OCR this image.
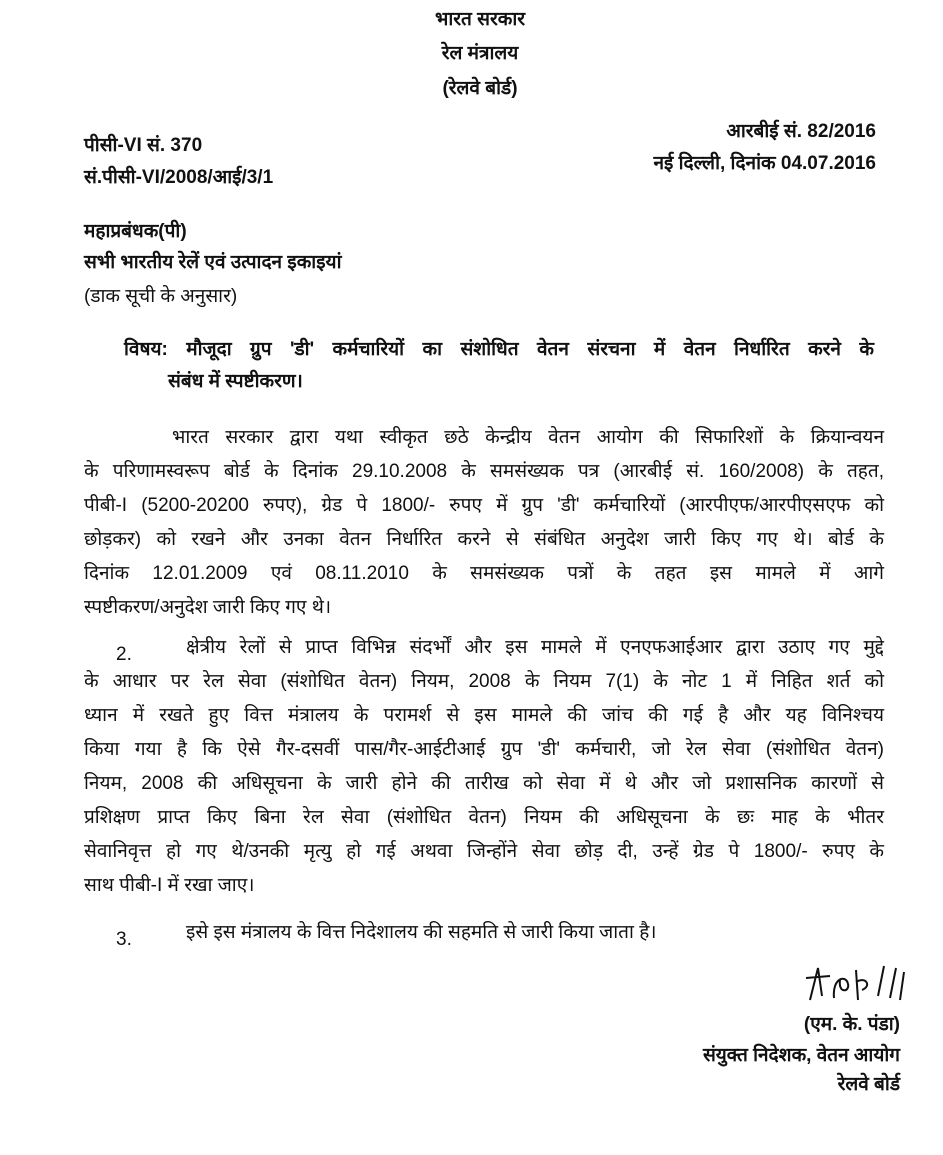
भारत सरकार
रेल मंत्रालय
(रेलवे बोर्ड)
पीसी-VI सं. 370
सं.पीसी-VI/2008/आई/3/1
आरबीई सं. 82/2016
नई दिल्ली, दिनांक 04.07.2016
महाप्रबंधक(पी)
सभी भारतीय रेलें एवं उत्पादन इकाइयां
(डाक सूची के अनुसार)
विषय: मौजूदा ग्रुप 'डी' कर्मचारियों का संशोधित वेतन संरचना में वेतन निर्धारित करने के
संबंध में स्पष्टीकरण।
भारत सरकार द्वारा यथा स्वीकृत छठे केन्द्रीय वेतन आयोग की सिफारिशों के क्रियान्वयन
के परिणामस्वरूप बोर्ड के दिनांक 29.10.2008 के समसंख्यक पत्र (आरबीई सं. 160/2008) के तहत,
पीबी-I (5200-20200 रुपए), ग्रेड पे 1800/- रुपए में ग्रुप 'डी' कर्मचारियों (आरपीएफ/आरपीएसएफ को
छोड़कर) को रखने और उनका वेतन निर्धारित करने से संबंधित अनुदेश जारी किए गए थे। बोर्ड के
दिनांक 12.01.2009 एवं 08.11.2010 के समसंख्यक पत्रों के तहत इस मामले में आगे
स्पष्टीकरण/अनुदेश जारी किए गए थे।
2.	क्षेत्रीय रेलों से प्राप्त विभिन्न संदर्भों और इस मामले में एनएफआईआर द्वारा उठाए गए मुद्दे
के आधार पर रेल सेवा (संशोधित वेतन) नियम, 2008 के नियम 7(1) के नोट 1 में निहित शर्त को
ध्यान में रखते हुए वित्त मंत्रालय के परामर्श से इस मामले की जांच की गई है और यह विनिश्चय
किया गया है कि ऐसे गैर-दसवीं पास/गैर-आईटीआई ग्रुप 'डी' कर्मचारी, जो रेल सेवा (संशोधित वेतन)
नियम, 2008 की अधिसूचना के जारी होने की तारीख को सेवा में थे और जो प्रशासनिक कारणों से
प्रशिक्षण प्राप्त किए बिना रेल सेवा (संशोधित वेतन) नियम की अधिसूचना के छः माह के भीतर
सेवानिवृत्त हो गए थे/उनकी मृत्यु हो गई अथवा जिन्होंने सेवा छोड़ दी, उन्हें ग्रेड पे 1800/- रुपए के
साथ पीबी-I में रखा जाए।
3.	इसे इस मंत्रालय के वित्त निदेशालय की सहमति से जारी किया जाता है।
(एम. के. पंडा)
संयुक्त निदेशक, वेतन आयोग
रेलवे बोर्ड
